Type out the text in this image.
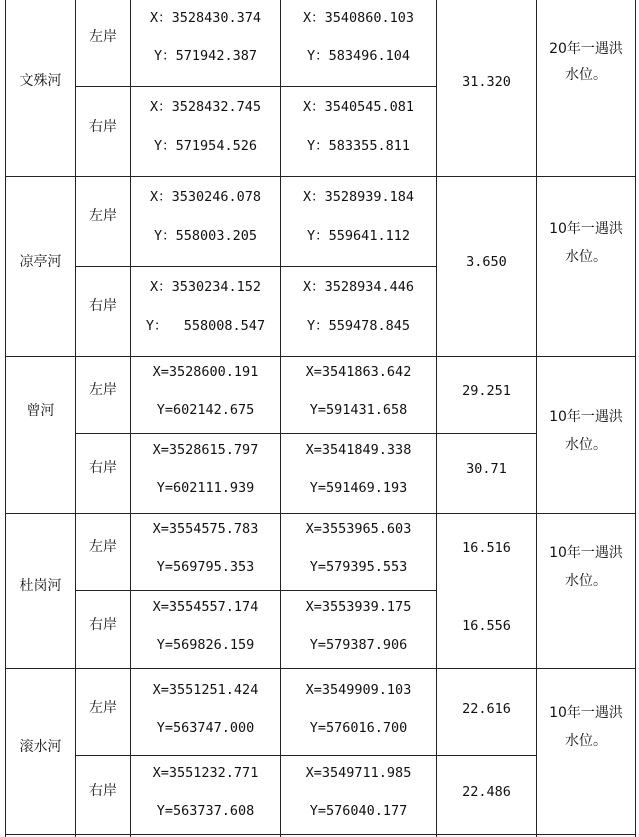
文殊河
左岸
X：3528430.374
Y：571942.387
X：3540860.103
Y：583496.104
右岸
X：3528432.745
Y：571954.526
X：3540545.081
Y：583355.811
31.320
20年一遇洪
水位。
凉亭河
左岸
X：3530246.078
Y：558003.205
X：3528939.184
Y：559641.112
右岸
X：3530234.152
Y：  558008.547
X：3528934.446
Y：559478.845
3.650
10年一遇洪
水位。
曾河
左岸
X=3528600.191
Y=602142.675
X=3541863.642
Y=591431.658
29.251
右岸
X=3528615.797
Y=602111.939
X=3541849.338
Y=591469.193
30.71
10年一遇洪
水位。
杜岗河
左岸
X=3554575.783
Y=569795.353
X=3553965.603
Y=579395.553
16.516
右岸
X=3554557.174
Y=569826.159
X=3553939.175
Y=579387.906
16.556
10年一遇洪
水位。
滚水河
左岸
X=3551251.424
Y=563747.000
X=3549909.103
Y=576016.700
22.616
右岸
X=3551232.771
Y=563737.608
X=3549711.985
Y=576040.177
22.486
10年一遇洪
水位。
